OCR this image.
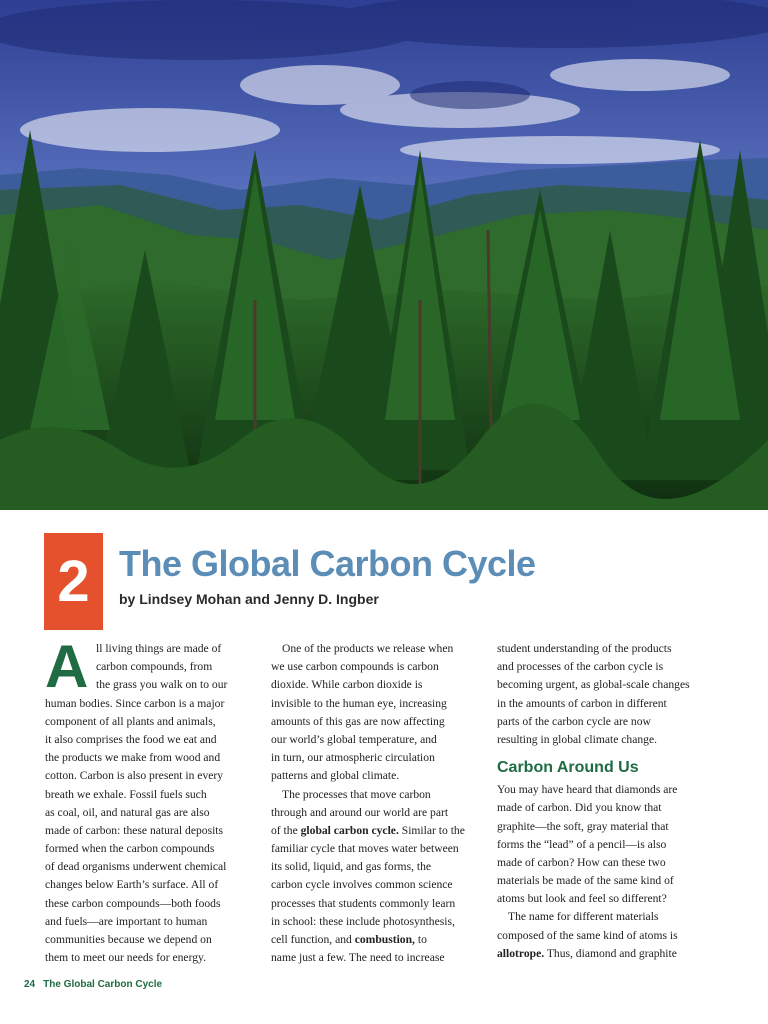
2 The Global Carbon Cycle

by Lindsey Mohan and Jenny D. Ingber

A ll living things are made of
carbon compounds, from
the grass you walk on to our
human bodies. Since carbon is a major
component of all plants and animals,
it also comprises the food we eat and
the products we make from wood and
cotton. Carbon is also present in every
breath we exhale. Fossil fuels such
as coal, oil, and natural gas are also
made of carbon: these natural deposits
formed when the carbon compounds
of dead organisms underwent chemical
changes below Earth’s surface. All of
these carbon compounds—both foods
and fuels—are important to human
communities because we depend on
them to meet our needs for energy.
One of the products we release when
we use carbon compounds is carbon
dioxide. While carbon dioxide is
invisible to the human eye, increasing
amounts of this gas are now affecting
our world’s global temperature, and
in turn, our atmospheric circulation
patterns and global climate.
The processes that move carbon
through and around our world are part
of the global carbon cycle. Similar to the
familiar cycle that moves water between
its solid, liquid, and gas forms, the
carbon cycle involves common science
processes that students commonly learn
in school: these include photosynthesis,
cell function, and combustion, to
name just a few. The need to increase
student understanding of the products
and processes of the carbon cycle is
becoming urgent, as global-scale changes
in the amounts of carbon in different
parts of the carbon cycle are now
resulting in global climate change.
Carbon Around Us
You may have heard that diamonds are
made of carbon. Did you know that
graphite—the soft, gray material that
forms the “lead” of a pencil—is also
made of carbon? How can these two
materials be made of the same kind of
atoms but look and feel so different?
The name for different materials
composed of the same kind of atoms is
allotrope. Thus, diamond and graphite

24 The Global Carbon Cycle
